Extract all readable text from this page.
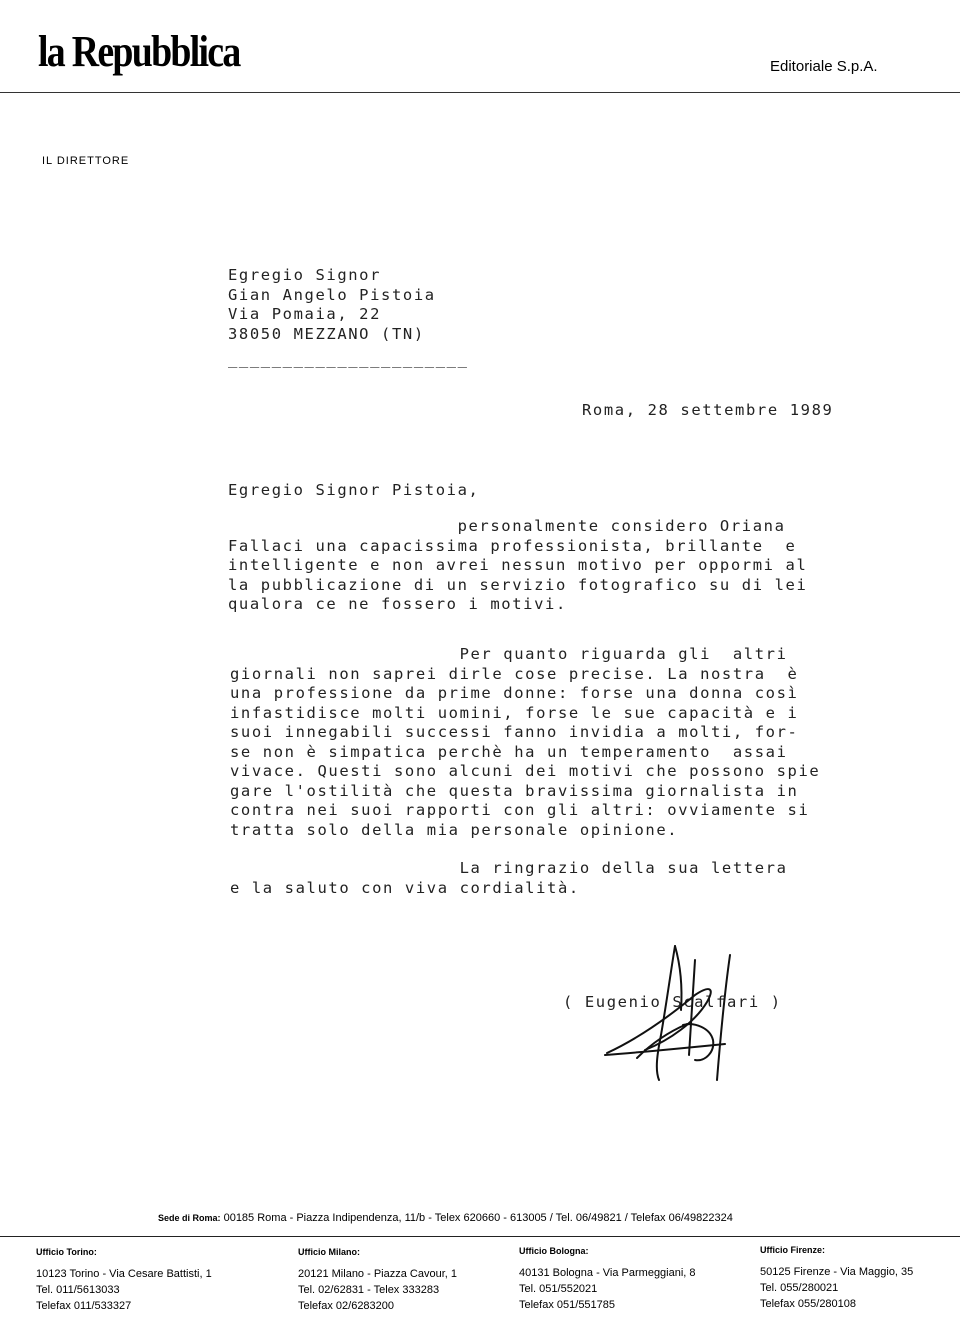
la Repubblica	Editoriale S.p.A.
IL DIRETTORE
Egregio Signor
Gian Angelo Pistoia
Via Pomaia, 22
38050 MEZZANO (TN)
______________________
Roma, 28 settembre 1989
Egregio Signor Pistoia,
personalmente considero Oriana
Fallaci una capacissima professionista, brillante  e
intelligente e non avrei nessun motivo per oppormi al
la pubblicazione di un servizio fotografico su di lei
qualora ce ne fossero i motivi.
Per quanto riguarda gli  altri
giornali non saprei dirle cose precise. La nostra  è
una professione da prime donne: forse una donna così
infastidisce molti uomini, forse le sue capacità e i
suoi innegabili successi fanno invidia a molti, for-
se non è simpatica perchè ha un temperamento  assai
vivace. Questi sono alcuni dei motivi che possono spie
gare l'ostilità che questa bravissima giornalista in
contra nei suoi rapporti con gli altri: ovviamente si
tratta solo della mia personale opinione.
La ringrazio della sua lettera
e la saluto con viva cordialità.
( Eugenio Scalfari )
Sede di Roma: 00185 Roma - Piazza Indipendenza, 11/b - Telex 620660 - 613005 / Tel. 06/49821 / Telefax 06/49822324
Ufficio Torino:
10123 Torino - Via Cesare Battisti, 1
Tel. 011/5613033
Telefax 011/533327
Ufficio Milano:
20121 Milano - Piazza Cavour, 1
Tel. 02/62831 - Telex 333283
Telefax 02/6283200
Ufficio Bologna:
40131 Bologna - Via Parmeggiani, 8
Tel. 051/552021
Telefax 051/551785
Ufficio Firenze:
50125 Firenze - Via Maggio, 35
Tel. 055/280021
Telefax 055/280108
